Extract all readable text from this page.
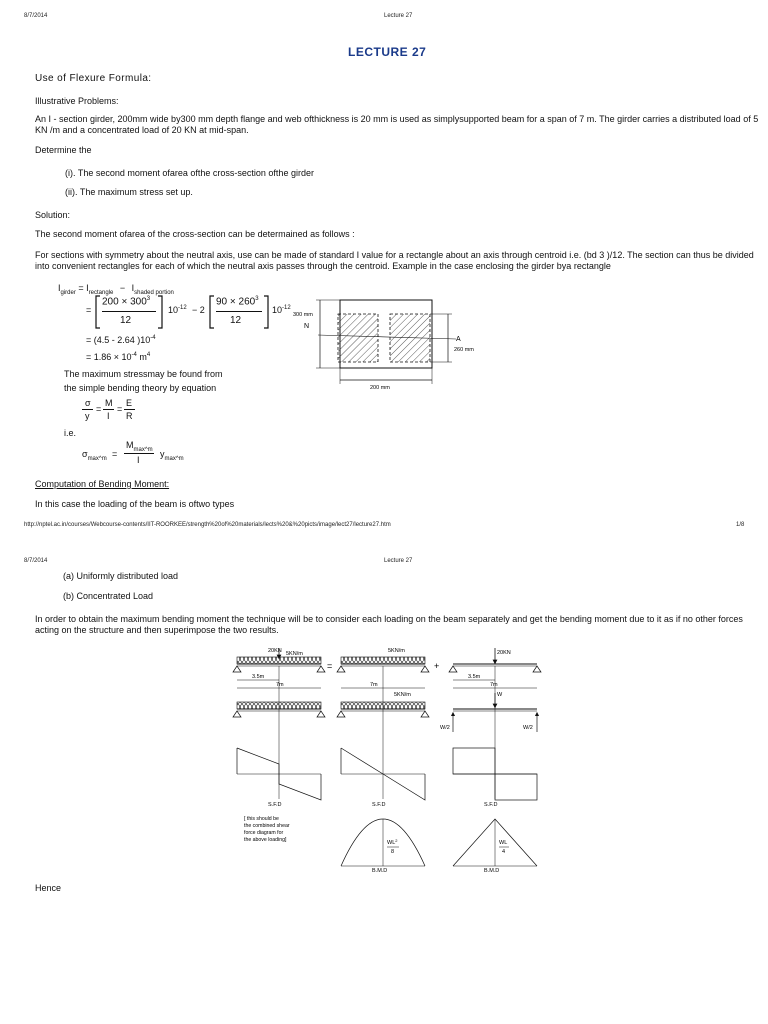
8/7/2014	Lecture 27
LECTURE 27
Use of Flexure Formula:
Illustrative Problems:
An I - section girder, 200mm wide by300 mm depth flange and web ofthickness is 20 mm is used as simplysupported beam for a span of 7 m. The girder carries a distributed load of 5 KN /m and a concentrated load of 20 KN at mid-span.
Determine the
(i). The second moment ofarea ofthe cross-section ofthe girder
(ii). The maximum stress set up.
Solution:
The second moment ofarea of the cross-section can be determained as follows :
For sections with symmetry about the neutral axis, use can be made of standard I value for a rectangle about an axis through centroid i.e. (bd 3 )/12. The section can thus be divided into convenient rectangles for each of which the neutral axis passes through the centroid. Example in the case enclosing the girder bya rectangle
$I_{girder} = I_{rectangle} - I_{shaded portion}$
=
$200 \times 300^3$
12
$10^{-12} - 2$
$90 \times 260^3$
12
$10^{-12}$
= (4.5 - 2.64 )$10^{-4}$
= $1.86 \times 10^{-4}$ $m^4$
The maximum stressmay be found from
the simple bending theory by equation
σ
y
=
M
I
=
E
R
i.e.
$\sigma_{max\^{}m}$ =
$M_{max\^{}m}$
I
$y_{max\^{}m}$
300 mm
N
A
260 mm
200 mm
Computation of Bending Moment:
In this case the loading of the beam is oftwo types
http://nptel.ac.in/courses/Webcourse-contents/IIT-ROORKEE/strength%20of%20materials/lects%20&%20picts/image/lect27/lecture27.htm	1/8
8/7/2014	Lecture 27
(a) Uniformly distributed load
(b) Concentrated Load
In order to obtain the maximum bending moment the technique will be to consider each loading on the beam separately and get the bending moment due to it as if no other forces acting on the structure and then superimpose the two results.
20KN 5KN/m
3.5m
7m
S.F.D
[ this should be the combined shear force diagram for the above loading]
=
5KN/m
7m
5KN/m
S.F.D
$WL^2$
8
B.M.D
+
20KN
3.5m
7m
W
W/2	W/2
S.F.D
WL
4
B.M.D
Hence
